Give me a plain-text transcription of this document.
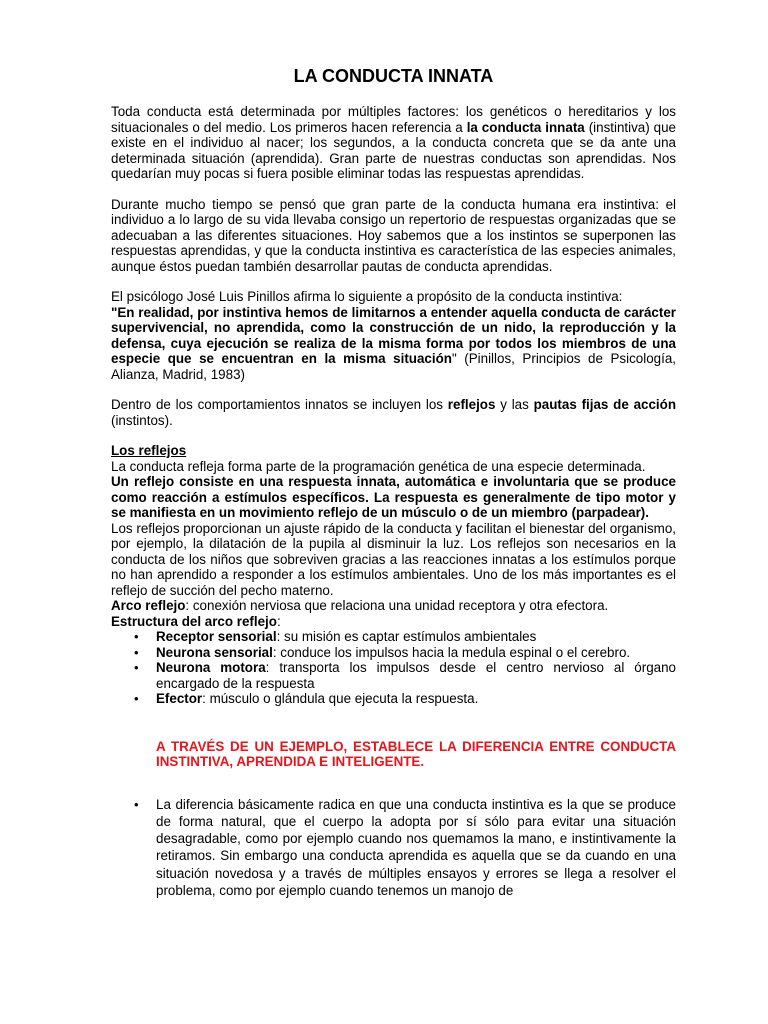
LA CONDUCTA INNATA

Toda conducta está determinada por múltiples factores: los genéticos o hereditarios y los situacionales o del medio. Los primeros hacen referencia a la conducta innata (instintiva) que existe en el individuo al nacer; los segundos, a la conducta concreta que se da ante una determinada situación (aprendida). Gran parte de nuestras conductas son aprendidas. Nos quedarían muy pocas si fuera posible eliminar todas las respuestas aprendidas.

Durante mucho tiempo se pensó que gran parte de la conducta humana era instintiva: el individuo a lo largo de su vida llevaba consigo un repertorio de respuestas organizadas que se adecuaban a las diferentes situaciones. Hoy sabemos que a los instintos se superponen las respuestas aprendidas, y que la conducta instintiva es característica de las especies animales, aunque éstos puedan también desarrollar pautas de conducta aprendidas.

El psicólogo José Luis Pinillos afirma lo siguiente a propósito de la conducta instintiva:

"En realidad, por instintiva hemos de limitarnos a entender aquella conducta de carácter supervivencial, no aprendida, como la construcción de un nido, la reproducción y la defensa, cuya ejecución se realiza de la misma forma por todos los miembros de una especie que se encuentran en la misma situación" (Pinillos, Principios de Psicología, Alianza, Madrid, 1983)

Dentro de los comportamientos innatos se incluyen los reflejos y las pautas fijas de acción (instintos).

Los reflejos

La conducta refleja forma parte de la programación genética de una especie determinada.

Un reflejo consiste en una respuesta innata, automática e involuntaria que se produce como reacción a estímulos específicos. La respuesta es generalmente de tipo motor y se manifiesta en un movimiento reflejo de un músculo o de un miembro (parpadear).

Los reflejos proporcionan un ajuste rápido de la conducta y facilitan el bienestar del organismo, por ejemplo, la dilatación de la pupila al disminuir la luz. Los reflejos son necesarios en la conducta de los niños que sobreviven gracias a las reacciones innatas a los estímulos porque no han aprendido a responder a los estímulos ambientales. Uno de los más importantes es el reflejo de succión del pecho materno.

Arco reflejo: conexión nerviosa que relaciona una unidad receptora y otra efectora.

Estructura del arco reflejo:

• Receptor sensorial: su misión es captar estímulos ambientales
• Neurona sensorial: conduce los impulsos hacia la medula espinal o el cerebro.
• Neurona motora: transporta los impulsos desde el centro nervioso al órgano encargado de la respuesta
• Efector: músculo o glándula que ejecuta la respuesta.

A TRAVÉS DE UN EJEMPLO, ESTABLECE LA DIFERENCIA ENTRE CONDUCTA INSTINTIVA, APRENDIDA E INTELIGENTE.

• La diferencia básicamente radica en que una conducta instintiva es la que se produce de forma natural, que el cuerpo la adopta por sí sólo para evitar una situación desagradable, como por ejemplo cuando nos quemamos la mano, e instintivamente la retiramos. Sin embargo una conducta aprendida es aquella que se da cuando en una situación novedosa y a través de múltiples ensayos y errores se llega a resolver el problema, como por ejemplo cuando tenemos un manojo de
